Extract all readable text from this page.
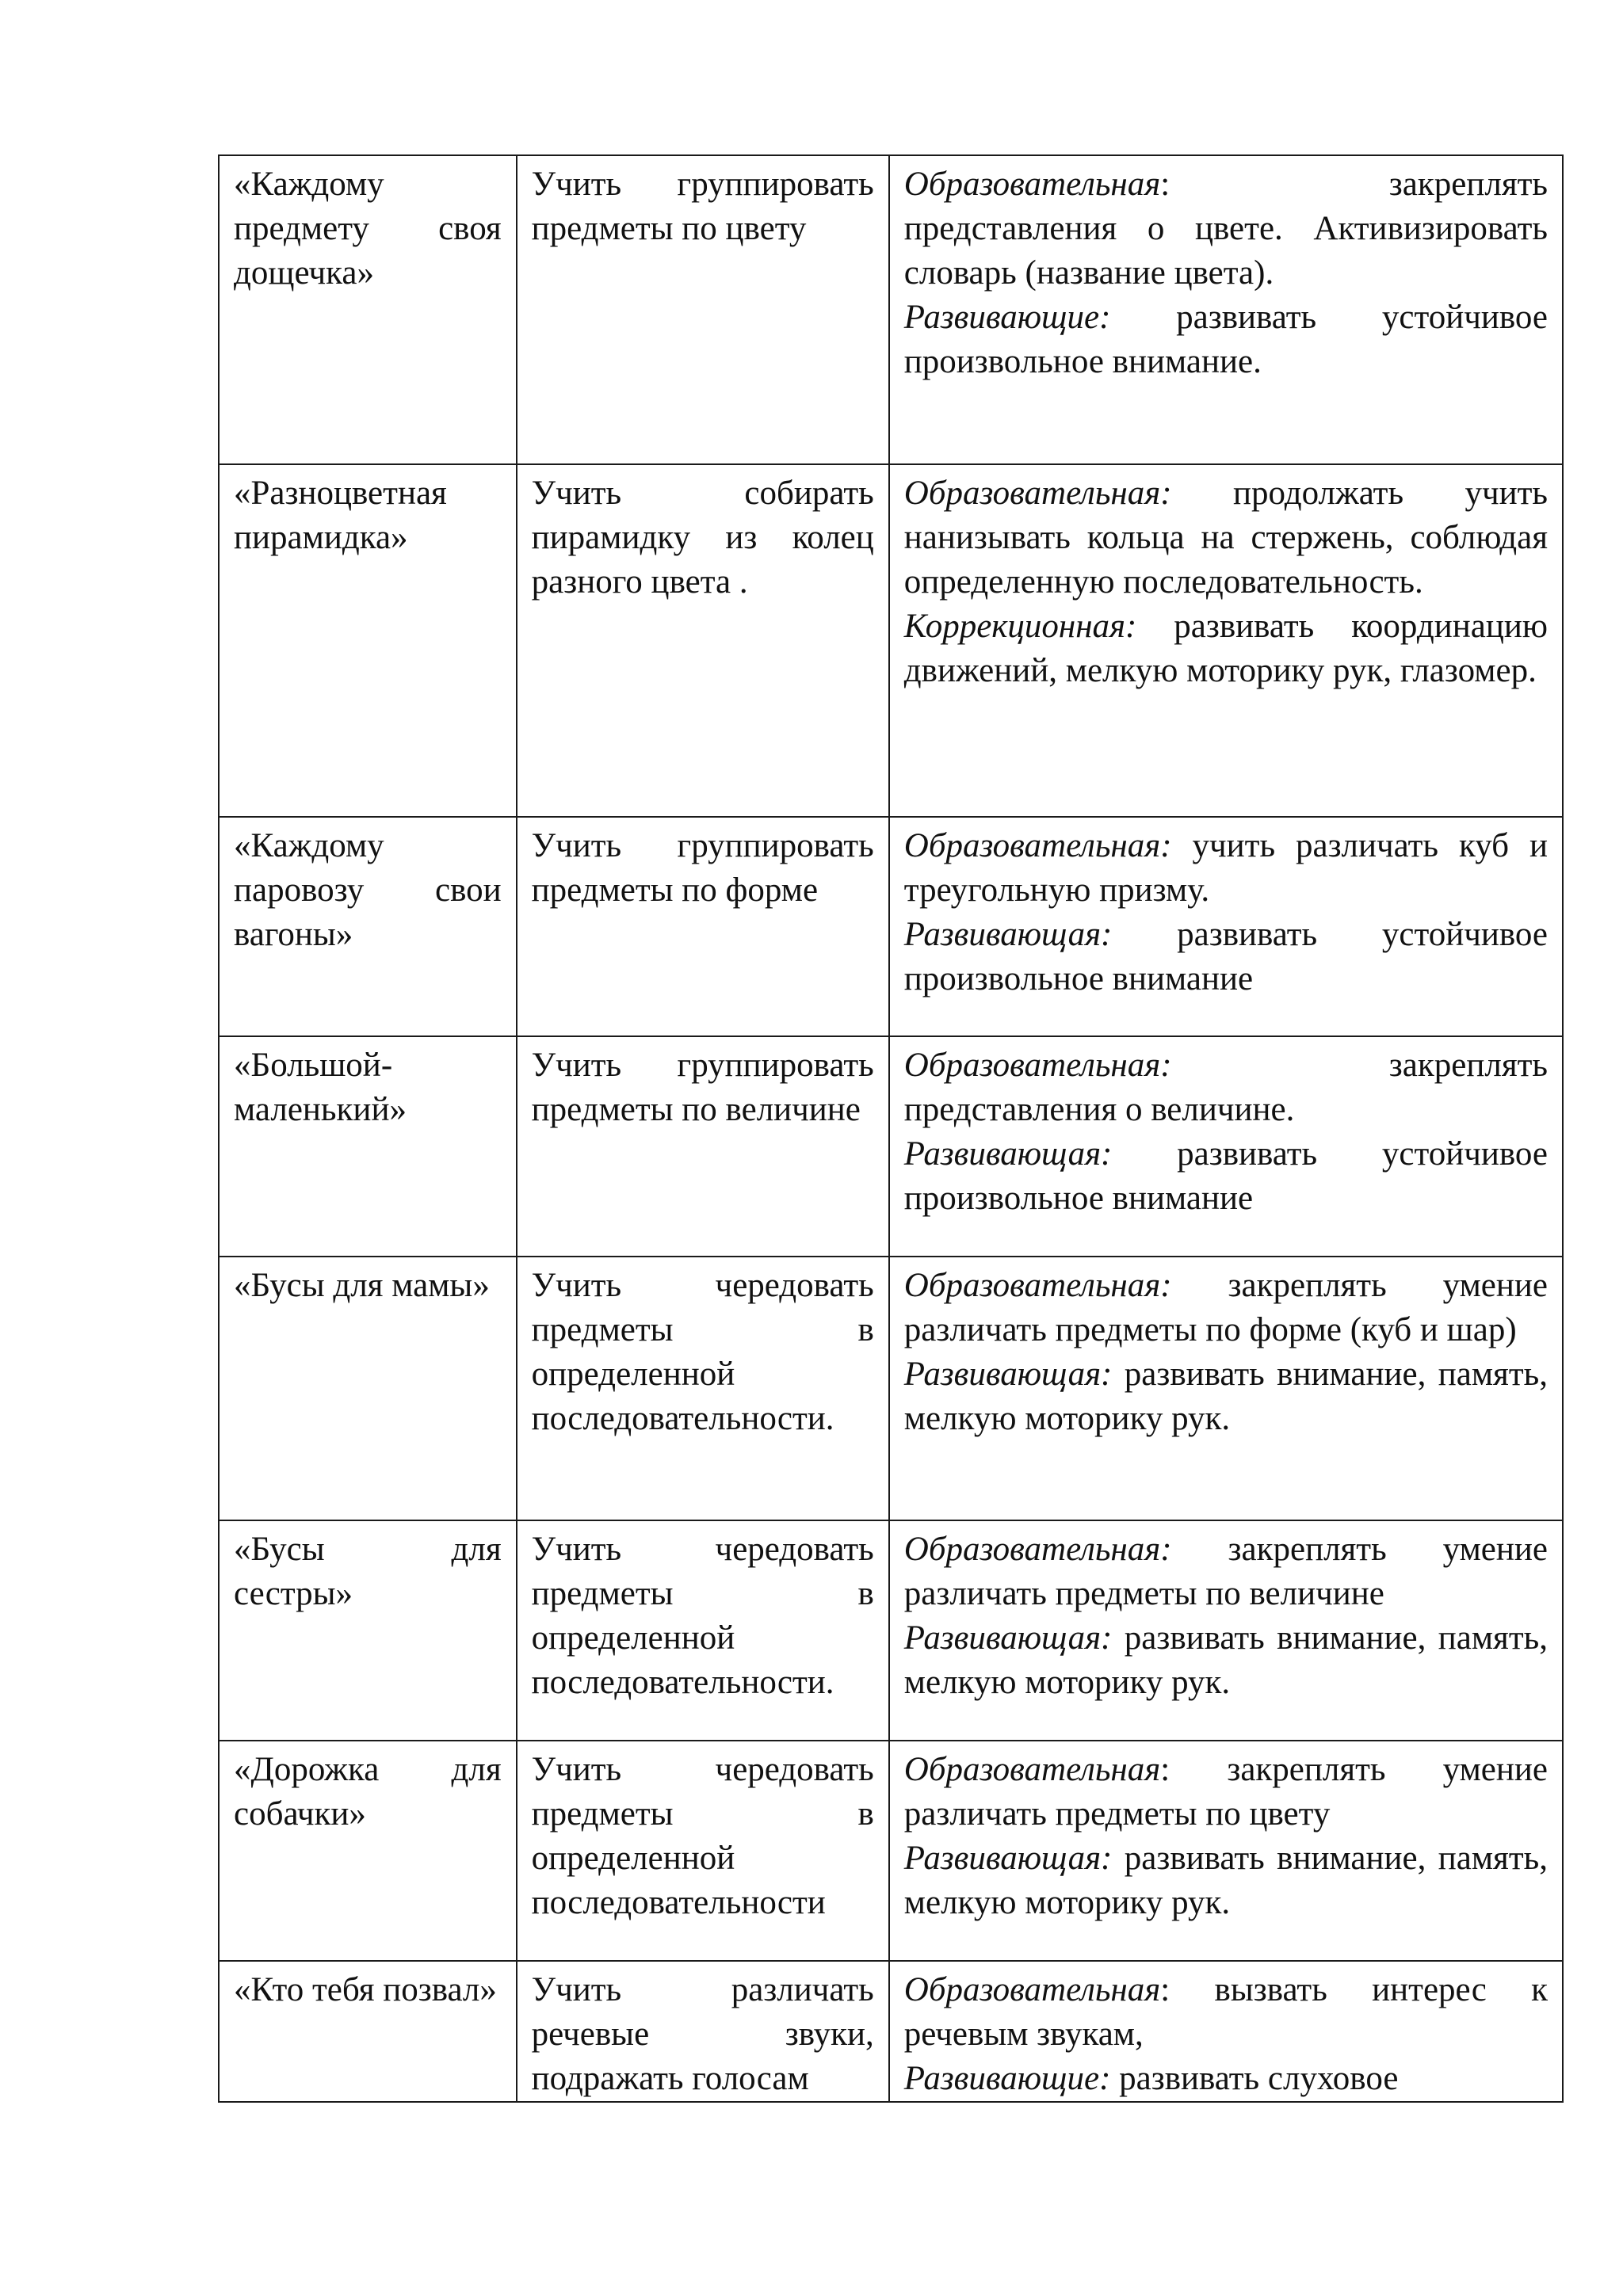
«Каждому предмету своя дощечка»	Учить группировать предметы по цвету	Образовательная: закреплять представления о цвете. Активизировать словарь (название цвета).
Развивающие: развивать устойчивое произвольное внимание.
«Разноцветная пирамидка»	Учить собирать пирамидку из колец разного цвета .	Образовательная: продолжать учить нанизывать кольца на стержень, соблюдая определенную последовательность.
Коррекционная: развивать координацию движений, мелкую моторику рук, глазомер.
«Каждому паровозу свои вагоны»	Учить группировать предметы по форме	Образовательная: учить различать куб и треугольную призму.
Развивающая: развивать устойчивое произвольное внимание
«Большой-маленький»	Учить группировать предметы по величине	Образовательная: закреплять представления о величине.
Развивающая: развивать устойчивое произвольное внимание
«Бусы для мамы»	Учить чередовать предметы в определенной последовательности.	Образовательная: закреплять умение различать предметы по форме (куб и шар)
Развивающая: развивать внимание, память, мелкую моторику рук.
«Бусы для сестры»	Учить чередовать предметы в определенной последовательности.	Образовательная: закреплять умение различать предметы по величине
Развивающая: развивать внимание, память, мелкую моторику рук.
«Дорожка для собачки»	Учить чередовать предметы в определенной последовательности	Образовательная: закреплять умение различать предметы по цвету
Развивающая: развивать внимание, память, мелкую моторику рук.
«Кто тебя позвал»	Учить различать речевые звуки, подражать голосам	Образовательная: вызвать интерес к речевым звукам,
Развивающие: развивать слуховое
